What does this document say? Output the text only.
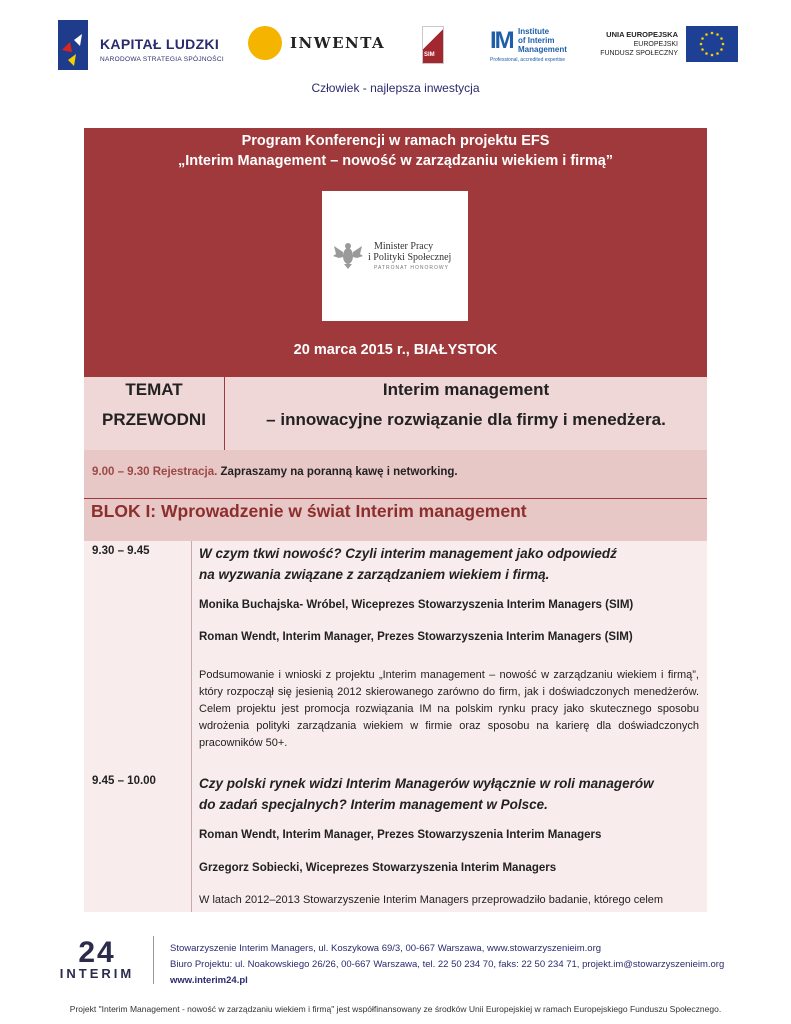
KAPITAŁ LUDZKI
NARODOWA STRATEGIA SPÓJNOŚCI
INWENTA
SIM
IM Institute
of Interim
Management
Professional, accredited expertise
UNIA EUROPEJSKA
EUROPEJSKI
FUNDUSZ SPOŁECZNY
Człowiek - najlepsza inwestycja
Program Konferencji w ramach projektu EFS
„Interim Management – nowość w zarządzaniu wiekiem i firmą”
Minister Pracy
i Polityki Społecznej
PATRONAT HONOROWY
20 marca 2015 r., BIAŁYSTOK
TEMAT
PRZEWODNI
Interim management
– innowacyjne rozwiązanie dla firmy i menedżera.
9.00 – 9.30 Rejestracja. Zapraszamy na poranną kawę i networking.
BLOK I: Wprowadzenie w świat Interim management
9.30 – 9.45	W czym tkwi nowość? Czyli interim management jako odpowiedź
na wyzwania związane z zarządzaniem wiekiem i firmą.
Monika Buchajska- Wróbel, Wiceprezes Stowarzyszenia Interim Managers (SIM)
Roman Wendt, Interim Manager, Prezes Stowarzyszenia Interim Managers (SIM)
Podsumowanie i wnioski z projektu „Interim management – nowość w zarządzaniu wiekiem i firmą”, który rozpoczął się jesienią 2012 skierowanego zarówno do firm, jak i doświadczonych menedżerów. Celem projektu jest promocja rozwiązania IM na polskim rynku pracy jako skutecznego sposobu wdrożenia polityki zarządzania wiekiem w firmie oraz sposobu na karierę dla doświadczonych pracowników 50+.
9.45 – 10.00	Czy polski rynek widzi Interim Managerów wyłącznie w roli managerów
do zadań specjalnych? Interim management w Polsce.
Roman Wendt, Interim Manager, Prezes Stowarzyszenia Interim Managers
Grzegorz Sobiecki, Wiceprezes Stowarzyszenia Interim Managers
W latach 2012–2013 Stowarzyszenie Interim Managers przeprowadziło badanie, którego celem
24
INTERIM
Stowarzyszenie Interim Managers, ul. Koszykowa 69/3, 00-667 Warszawa, www.stowarzyszenieim.org
Biuro Projektu: ul. Noakowskiego 26/26, 00-667 Warszawa, tel. 22 50 234 70, faks: 22 50 234 71, projekt.im@stowarzyszenieim.org
www.interim24.pl
Projekt "Interim Management - nowość w zarządzaniu wiekiem i firmą" jest współfinansowany ze środków Unii Europejskiej w ramach Europejskiego Funduszu Społecznego.
